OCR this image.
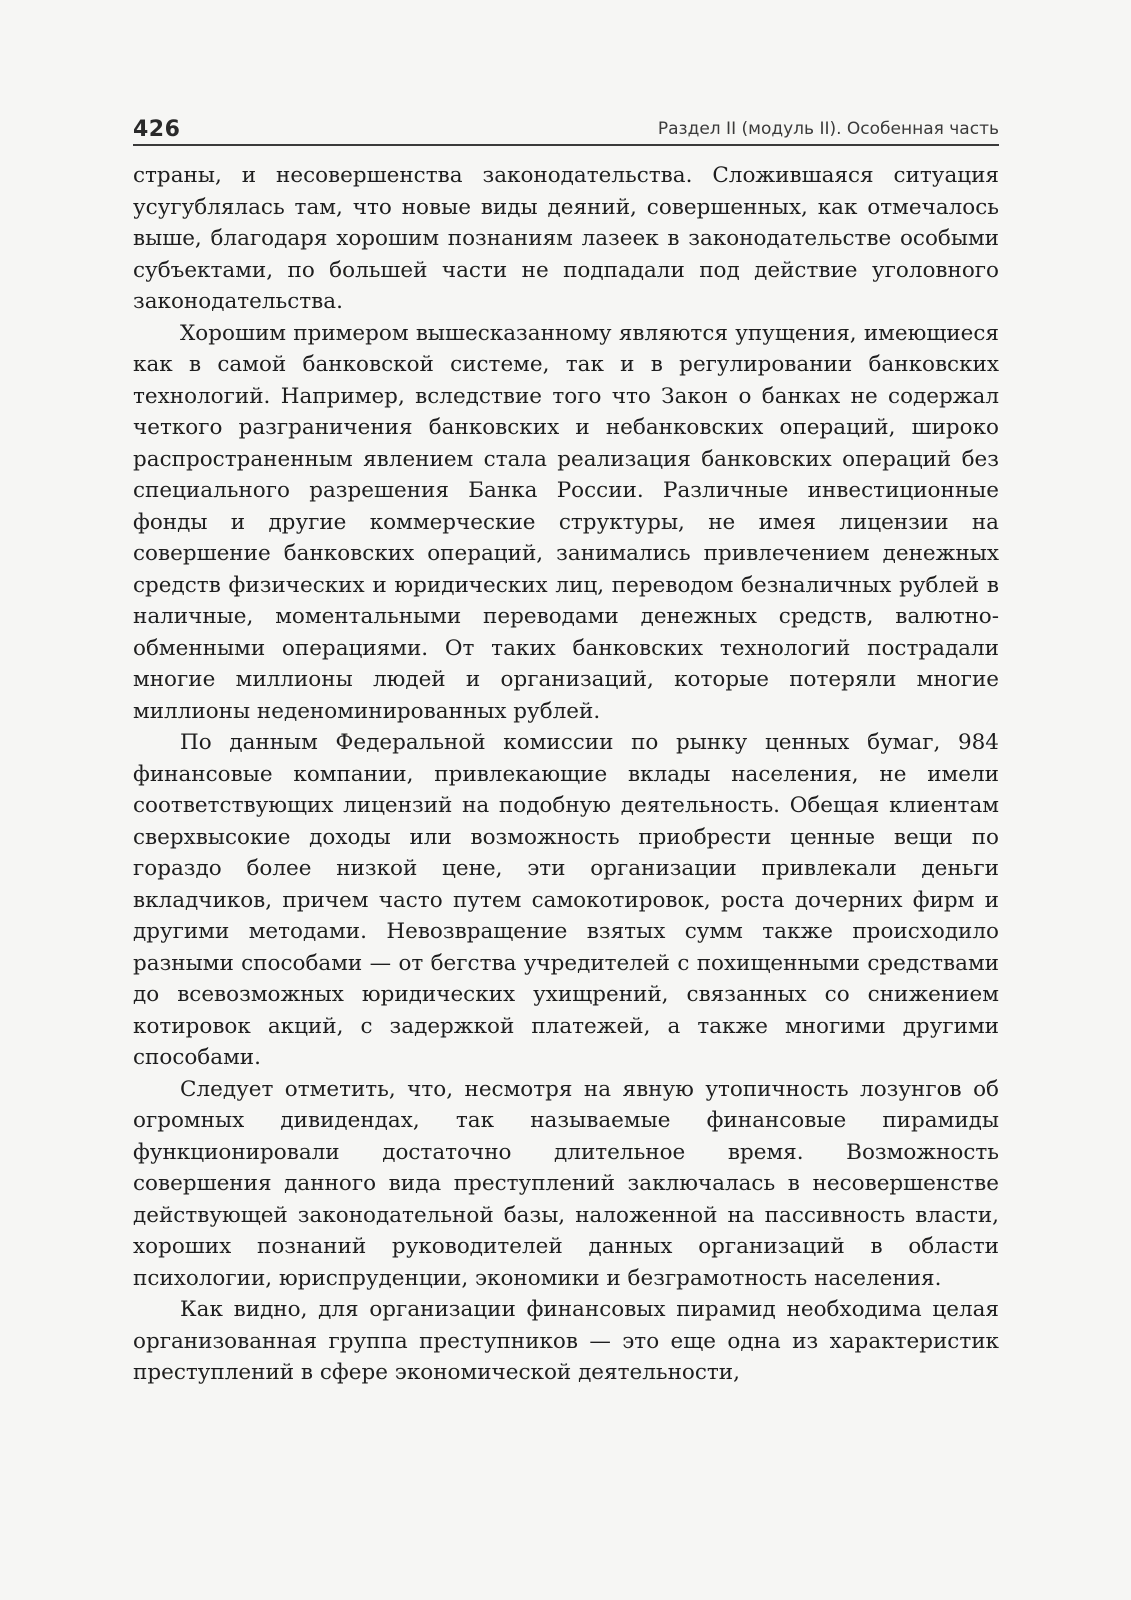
426	Раздел II (модуль II). Особенная часть

страны, и несовершенства законодательства. Сложившаяся ситуация усугублялась там, что новые виды деяний, совершенных, как отмечалось выше, благодаря хорошим познаниям лазеек в законодательстве особыми субъектами, по большей части не подпадали под действие уголовного законодательства.

Хорошим примером вышесказанному являются упущения, имеющиеся как в самой банковской системе, так и в регулировании банковских технологий. Например, вследствие того что Закон о банках не содержал четкого разграничения банковских и небанковских операций, широко распространенным явлением стала реализация банковских операций без специального разрешения Банка России. Различные инвестиционные фонды и другие коммерческие структуры, не имея лицензии на совершение банковских операций, занимались привлечением денежных средств физических и юридических лиц, переводом безналичных рублей в наличные, моментальными переводами денежных средств, валютно-обменными операциями. От таких банковских технологий пострадали многие миллионы людей и организаций, которые потеряли многие миллионы неденоминированных рублей.

По данным Федеральной комиссии по рынку ценных бумаг, 984 финансовые компании, привлекающие вклады населения, не имели соответствующих лицензий на подобную деятельность. Обещая клиентам сверхвысокие доходы или возможность приобрести ценные вещи по гораздо более низкой цене, эти организации привлекали деньги вкладчиков, причем часто путем самокотировок, роста дочерних фирм и другими методами. Невозвращение взятых сумм также происходило разными способами — от бегства учредителей с похищенными средствами до всевозможных юридических ухищрений, связанных со снижением котировок акций, с задержкой платежей, а также многими другими способами.

Следует отметить, что, несмотря на явную утопичность лозунгов об огромных дивидендах, так называемые финансовые пирамиды функционировали достаточно длительное время. Возможность совершения данного вида преступлений заключалась в несовершенстве действующей законодательной базы, наложенной на пассивность власти, хороших познаний руководителей данных организаций в области психологии, юриспруденции, экономики и безграмотность населения.

Как видно, для организации финансовых пирамид необходима целая организованная группа преступников — это еще одна из характеристик преступлений в сфере экономической деятельности,
